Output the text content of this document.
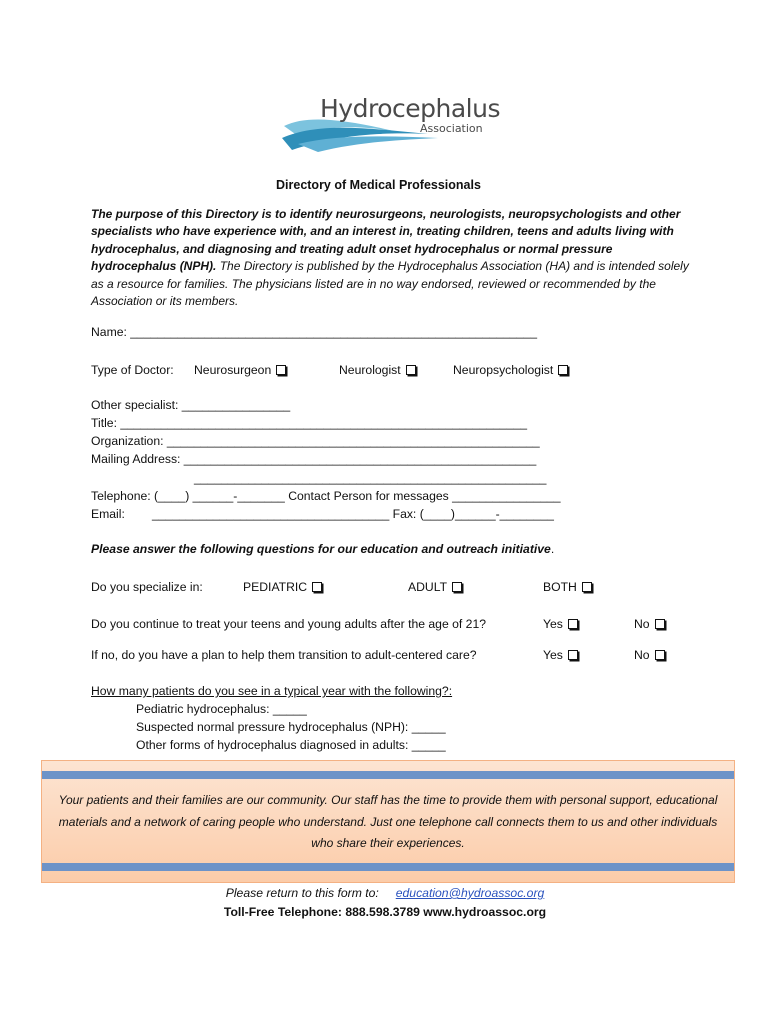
Hydrocephalus
Association
Directory of Medical Professionals
The purpose of this Directory is to identify neurosurgeons, neurologists, neuropsychologists and other specialists who have experience with, and an interest in, treating children, teens and adults living with hydrocephalus, and diagnosing and treating adult onset hydrocephalus or normal pressure hydrocephalus (NPH). The Directory is published by the Hydrocephalus Association (HA) and is intended solely as a resource for families. The physicians listed are in no way endorsed, reviewed or recommended by the Association or its members.
Name: ____________________________________________________________
Type of Doctor: Neurosurgeon	Neurologist	Neuropsychologist
Other specialist: ________________
Title: ____________________________________________________________
Organization: _______________________________________________________
Mailing Address: ____________________________________________________
____________________________________________________
Telephone: (____) ______-_______ Contact Person for messages ________________
Email: ___________________________________ Fax: (____)______-________
Please answer the following questions for our education and outreach initiative.
Do you specialize in:	PEDIATRIC	ADULT	BOTH
Do you continue to treat your teens and young adults after the age of 21?	Yes	No
If no, do you have a plan to help them transition to adult-centered care?	Yes	No
How many patients do you see in a typical year with the following?:
Pediatric hydrocephalus: _____
Suspected normal pressure hydrocephalus (NPH): _____
Other forms of hydrocephalus diagnosed in adults: _____
Your patients and their families are our community. Our staff has the time to provide them with personal support, educational materials and a network of caring people who understand. Just one telephone call connects them to us and other individuals who share their experiences.
Please return to this form to: education@hydroassoc.org
Toll-Free Telephone: 888.598.3789 www.hydroassoc.org
